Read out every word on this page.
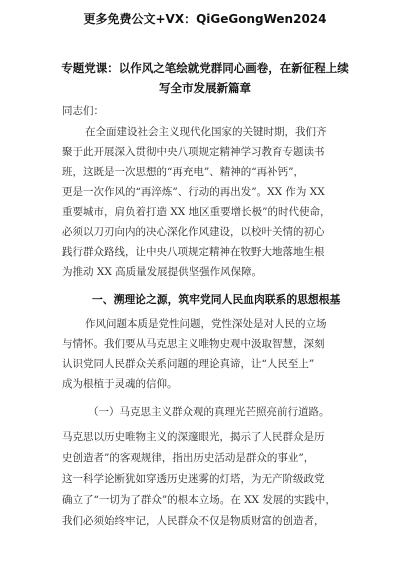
更多免费公文+VX：QiGeGongWen2024
专题党课：以作风之笔绘就党群同心画卷，在新征程上续
写全市发展新篇章
同志们：
在全面建设社会主义现代化国家的关键时期，我们齐
聚于此开展深入贯彻中央八项规定精神学习教育专题读书
班，这既是一次思想的“再充电”、精神的“再补钙”，
更是一次作风的“再淬炼”、行动的再出发”。XX 作为 XX
重要城市，肩负着打造 XX 地区重要增长极”的时代使命，
必须以刀刃向内的决心深化作风建设，以校叶关情的初心
践行群众路线，让中央八项规定精神在牧野大地落地生根
为推动 XX 高质量发展提供坚强作风保障。
一、溯理论之源，筑牢党同人民血肉联系的思想根基
作风问题本质是党性问题，党性深处是对人民的立场
与情怀。我们要从马克思主义唯物史观中汲取智慧，深刻
认识党同人民群众关系问题的理论真谛，让“人民至上”
成为根植于灵魂的信仰。
（一）马克思主义群众观的真理光芒照亮前行道路。
马克思以历史唯物主义的深邃眼光，揭示了人民群众是历
史创造者”的客观规律，指出历史活动是群众的事业”，
这一科学论断犹如穿透历史迷雾的灯塔，为无产阶级政党
确立了“一切为了群众”的根本立场。在 XX 发展的实践中，
我们必须始终牢记，人民群众不仅是物质财富的创造者，
